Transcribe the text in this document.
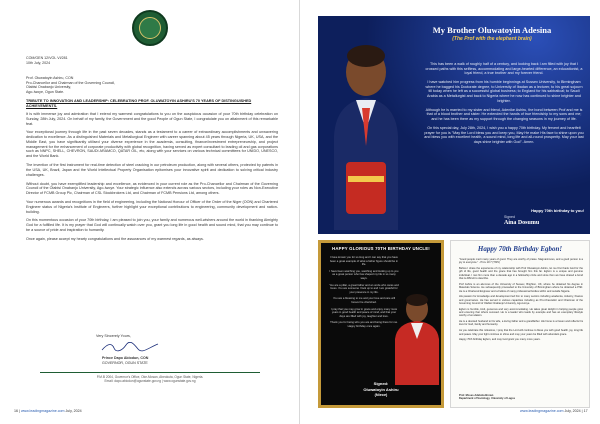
COM/GEN 12/VOL VI/281
10th July, 2024
Prof. Oluwatoyin Ashiru, CON
Pro-Chancellor and Chairman of the Governing Council,
Olabisi Onabanjo University,
Ago-Iwoye, Ogun State.
TRIBUTE TO INNOVATION AND LEADERSHIP: CELEBRATING PROF. OLUWATOYIN ASHIRU'S 70 YEARS OF DISTINGUISHED ACHIEVEMENTS.

It is with immense joy and admiration that I extend my warmest congratulations to you on the auspicious occasion of your 70th birthday celebration on Sunday, 28th July, 2024. On behalf of my family, the Government and the good People of Ogun State, I congratulate you on attainment of this remarkable feat.

Your exceptional journey through life in the past seven decades, stands as a testament to a career of extraordinary accomplishments and unwavering dedication to excellence. As a distinguished Materials and Metallurgical Engineer with career spanning about 45 years through Nigeria, UK, USA, and the Middle East, you have significantly utilised your diverse experience in the academia, consulting, finance/investment entrepreneurship, and project management for the enhancement of corporate productivity with global recognition, having served as expert consultant to leading oil and gas corporations such as NNPC, SHELL, CHEVRON, SAUDI ARAMCO, QATAR OIL, etc, along with your services on various technical committees for UNIDO, UNESCO, and the World Bank.

The invention of the first instrument for real-time detection of steel cracking in our petroleum production, along with several others, protected by patents in the USA, UK, Brazil, Japan and the World Intellectual Property Organisation epitomises your innovative spirit and dedication to solving critical industry challenges.

Without doubt, you have exemplified leadership and excellence, as evidenced in your current role as the Pro-Chancellor and Chairman of the Governing Council of the Olabisi Onabanjo University, Ago-Iwoye. Your strategic influence also extends across various sectors, including your roles as Non-Executive Director of FCMB Group Plc, Chairman of CSL Stockbrokers Ltd, and Chairman of FCMB Pensions Ltd, among others.

Your numerous awards and recognitions in the field of engineering, including the National Honour of Officer of the Order of the Niger (OON) and Chartered Engineer status of Nigeria's Institute of Engineers, further highlight your exceptional contributions to engineering, community development and nation-building.

On this momentous occasion of your 70th birthday, I am pleased to join you, your family and numerous well-wishers around the world in thanking Almighty God for a fulfilled life. It is my prayer that God will continually watch over you, grant you long life in good health and sound mind, that you may continue to be a source of pride and inspiration to humanity.

Once again, please accept my hearty congratulations and the assurances of my warmest regards, as always.

Very Sincerely Yours,
Prince Dapo Abiodun, CON
GOVERNOR, OGUN STATE
P.M.B 2004, Governor's Office, Oke-Mosan, Abeokuta, Ogun State, Nigeria.
Email: dapo.abiodun@ogunstate.gov.ng | www.ogunstate.gov.ng
16 | www.leadingmagazine.com July, 2024
My Brother Oluwatoyin Adesina
(The Prof with the elephant brain)

This has been a walk of roughly half of a century, and looking back I am filled with joy that I crossed paths with this selfless, accommodating and large-hearted difference, an educationist, a loyal friend, a true brother and my forever friend.

I have watched him progress from his humble beginnings at Sussex University, to Birmingham where he bagged his Doctorate degree, to University of Ibadan as a lecturer, to his great sojourn till today when he left as a successful global business; to England for his sabbatical; to Saudi Arabia as a Metallurgist and back to Nigeria where he now has continued to shine brighter and brighter.

Although he is married to my sister and friend, Adenike Ashiru, the bond between Prof and me is that of a blood brother and sister. He extended the hands of true friendship to my sons and me; and he has been there as my support through the changing seasons in my journey of life.

On this special day, July 28th, 2024, I wish you a happy 70th birthday. My fervent and heartfelt prayer for you is "May the Lord bless you and keep you, May He make His face to shine upon you and bless you with excellent health, a sound mind, long life and all-round prosperity. May your last days shine brighter with God". Amen.

Happy 70th birthday to you!
Signed
Aina Dosumu
HAPPY GLORIOUS 70TH BIRTHDAY UNCLE!

I have known you for so long and I can say that you have been a great example of what a father figure should be in life.

I have been watching you, watching and looking up to you as a great person who has shaped my life in so many ways.

You are a pillar, a great father and an uncle who cares and loves. You are someone I look up to and I am grateful for your presence in my life.

You are a blessing to me and your love and care will forever be cherished.

I pray that you may grow in grace and enjoy many more years in good health and peace of mind, and that your days are filled with joy, laughter and love.

Thank you for being who you are and being there for me. Happy birthday once again.

Signed:
Oluwatoyin Ashiru
(Niece)
Happy 70th Birthday Egbon!

"Good people merit many years of good. They are worthy of praise. Magnanimous, and a good person is a joy to everyone." - Prov 10:7 (TNIV)

Before I share the experience of my relationship with Prof Oluwatoyin Ashiru, let me first thank God for the gift of life, good health and the grace that has brought him this far. Egbon is a unique and genuine individual. I met him more than a decade ago in a fellowship circle and since then we have shared a bond that is difficult to describe.

Prof Ashiru is an alumnus of the University of Sussex, Brighton, UK, where he obtained his degree in Materials Science. He subsequently proceeded to the University of Birmingham where he obtained a PhD. He is a Chartered Engineer and a Fellow of many professional bodies within and outside Nigeria.

His passion for knowledge and development led him to many sectors including academia, industry, finance and governance. He has served in various capacities including as Pro-Chancellor and Chairman of the Governing Council of Olabisi Onabanjo University, Ago-Iwoye.

Egbon is humble, kind, generous and very accommodating. He takes great delight in helping people grow and ensuring that others succeed. He is a leader who leads by example and has an exemplary lifestyle worthy of emulation.

He is a devoted husband to his wife, a loving father and a grandfather. His home is a haven and reflects his love for God, family and humanity.

As you celebrate this milestone, I pray that the Lord will continue to bless you with good health, joy, long life and peace. May your light continue to shine and may your years be filled with abundant grace.

Happy 70th birthday Egbon, and may God grant you many more years.

Prof. Moses Adebola Brown
Department of Sociology, University of Lagos
www.leadingmagazine.com July, 2024 | 17
